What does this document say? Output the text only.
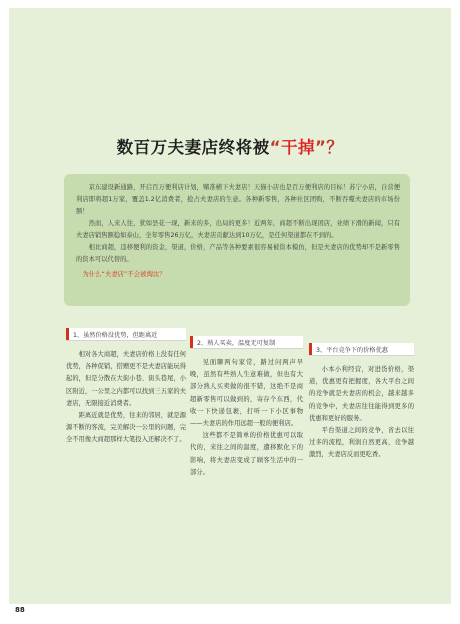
数百万夫妻店终将被“干掉”？

京东建设新通路，开启百万便利店计划，赌准横下夫妻店！天猫小店也是百万便利店的目标！苏宁小店，自营便利店即将超1万家，覆盖1.2亿消费者，抢占夫妻店的生意。各种新零售，各种社区团购，不断吞噬夫妻店的市场份额！

然而，人来人往，犹如昙花一现，新来的多，出局的更多！近两年，商超不断出现闭店，业绩下滑的新闻，只有夫妻店销售额稳如泰山，全年零售26万亿，夫妻店贡献达到10万亿，是任何渠道都在不到的。

相比商超，违移便利的资金，渠道，价格，产品等各种要素很容易被资本模仿，但是夫妻店的优势却不是新零售的资本可以代替的。

为什么“夫妻店”不会被淘汰？

1、虽然价格没优势，但距离近

相对各大商超，夫妻店价格上没有任何优势，各种促销，搭赠更不是夫妻店能玩得起的，但是分散在大街小巷、街头巷尾，小区附近，一公里之内都可以找到三五家的夫妻店，无限接近消费者。

距离近就是优势，往来的邻居，就是源源不断的客流，完美解决一公里的问题，完全不用像大商超那样大笔投入还解决不了。

2、熟人买卖，温度无可复制

见面聊两句家常，路过问两声早晚，虽然有些熟人生意难做，但也有大部分熟人买卖做的很不错，这绝不是商超新零售可以做到的，寄存个东西，代收一下快递包裹，打听一下小区事物——夫妻店的作用远超一般的便利店。

这些都不是简单的价格优惠可以取代的，来往之间的温度，遭移默化下的影响，将夫妻店变成了顾客生活中的一部分。

3、平台竞争下的价格优惠

小本小利经营，对进货价格，渠道，优惠更有把握度，各大平台之间的竞争就是夫妻店的机会，越来越多的竞争中，夫妻店往往能得到更多的优惠和更好的服务。

平台渠道之间的竞争，省去以往过多的流程，利润自然更高，竞争越激烈，夫妻店反而更吃香。

88
